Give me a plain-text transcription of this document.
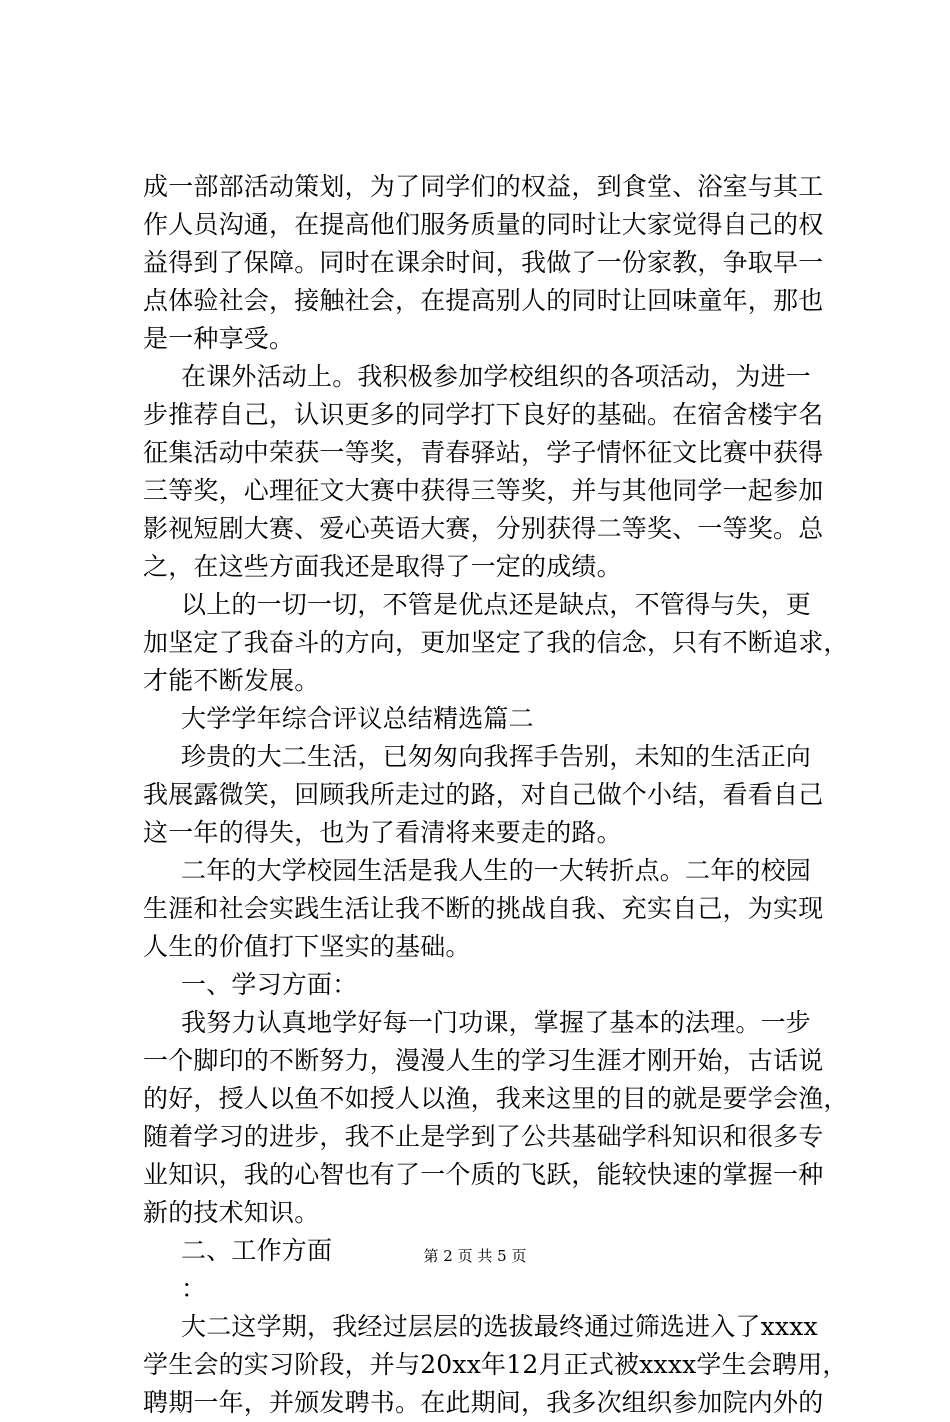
成一部部活动策划，为了同学们的权益，到食堂、浴室与其工
作人员沟通，在提高他们服务质量的同时让大家觉得自己的权
益得到了保障。同时在课余时间，我做了一份家教，争取早一
点体验社会，接触社会，在提高别人的同时让回味童年，那也
是一种享受。
在课外活动上。我积极参加学校组织的各项活动，为进一
步推荐自己，认识更多的同学打下良好的基础。在宿舍楼宇名
征集活动中荣获一等奖，青春驿站，学子情怀征文比赛中获得
三等奖，心理征文大赛中获得三等奖，并与其他同学一起参加
影视短剧大赛、爱心英语大赛，分别获得二等奖、一等奖。总
之，在这些方面我还是取得了一定的成绩。
以上的一切一切，不管是优点还是缺点，不管得与失，更
加坚定了我奋斗的方向，更加坚定了我的信念，只有不断追求，
才能不断发展。
大学学年综合评议总结精选篇二
珍贵的大二生活，已匆匆向我挥手告别，未知的生活正向
我展露微笑，回顾我所走过的路，对自己做个小结，看看自己
这一年的得失，也为了看清将来要走的路。
二年的大学校园生活是我人生的一大转折点。二年的校园
生涯和社会实践生活让我不断的挑战自我、充实自己，为实现
人生的价值打下坚实的基础。
一、学习方面：
我努力认真地学好每一门功课，掌握了基本的法理。一步
一个脚印的不断努力，漫漫人生的学习生涯才刚开始，古话说
的好，授人以鱼不如授人以渔，我来这里的目的就是要学会渔，
随着学习的进步，我不止是学到了公共基础学科知识和很多专
业知识，我的心智也有了一个质的飞跃，能较快速的掌握一种
新的技术知识。
二、工作方面
：
大二这学期，我经过层层的选拔最终通过筛选进入了xxxx
学生会的实习阶段，并与20xx年12月正式被xxxx学生会聘用，
聘期一年，并颁发聘书。在此期间，我多次组织参加院内外的
第 2 页 共 5 页
